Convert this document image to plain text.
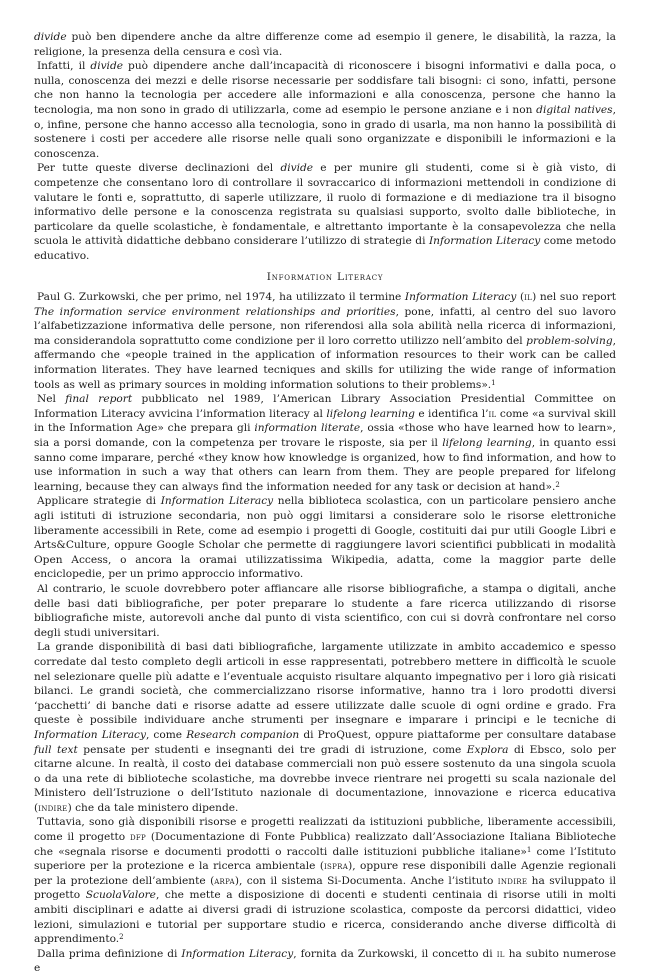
divide può ben dipendere anche da altre differenze come ad esempio il genere, le disabilità, la razza, la religione, la presenza della censura e così via.

Infatti, il divide può dipendere anche dall’incapacità di riconoscere i bisogni informativi e dalla poca, o nulla, conoscenza dei mezzi e delle risorse necessarie per soddisfare tali bisogni: ci sono, infatti, persone che non hanno la tecnologia per accedere alle informazioni e alla conoscenza, persone che hanno la tecnologia, ma non sono in grado di utilizzarla, come ad esempio le persone anziane e i non digital natives, o, infine, persone che hanno accesso alla tecnologia, sono in grado di usarla, ma non hanno la possibilità di sostenere i costi per accedere alle risorse nelle quali sono organizzate e disponibili le informazioni e la conoscenza.

Per tutte queste diverse declinazioni del divide e per munire gli studenti, come si è già visto, di competenze che consentano loro di controllare il sovraccarico di informazioni mettendoli in condizione di valutare le fonti e, soprattutto, di saperle utilizzare, il ruolo di formazione e di mediazione tra il bisogno informativo delle persone e la conoscenza registrata su qualsiasi supporto, svolto dalle biblioteche, in particolare da quelle scolastiche, è fondamentale, e altrettanto importante è la consapevolezza che nella scuola le attività didattiche debbano considerare l’utilizzo di strategie di Information Literacy come metodo educativo.

Information Literacy

Paul G. Zurkowski, che per primo, nel 1974, ha utilizzato il termine Information Literacy (il) nel suo report The information service environment relationships and priorities, pone, infatti, al centro del suo lavoro l’alfabetizzazione informativa delle persone, non riferendosi alla sola abilità nella ricerca di informazioni, ma considerandola soprattutto come condizione per il loro corretto utilizzo nell’ambito del problem-solving, affermando che «people trained in the application of information resources to their work can be called information literates. They have learned tecniques and skills for utilizing the wide range of information tools as well as primary sources in molding information solutions to their problems».$^1$

Nel final report pubblicato nel 1989, l’American Library Association Presidential Committee on Information Literacy avvicina l’information literacy al lifelong learning e identifica l’il come «a survival skill in the Information Age» che prepara gli information literate, ossia «those who have learned how to learn», sia a porsi domande, con la competenza per trovare le risposte, sia per il lifelong learning, in quanto essi sanno come imparare, perché «they know how knowledge is organized, how to find information, and how to use information in such a way that others can learn from them. They are people prepared for lifelong learning, because they can always find the information needed for any task or decision at hand».$^2$

Applicare strategie di Information Literacy nella biblioteca scolastica, con un particolare pensiero anche agli istituti di istruzione secondaria, non può oggi limitarsi a considerare solo le risorse elettroniche liberamente accessibili in Rete, come ad esempio i progetti di Google, costituiti dai pur utili Google Libri e Arts&Culture, oppure Google Scholar che permette di raggiungere lavori scientifici pubblicati in modalità Open Access, o ancora la oramai utilizzatissima Wikipedia, adatta, come la maggior parte delle enciclopedie, per un primo approccio informativo.

Al contrario, le scuole dovrebbero poter affiancare alle risorse bibliografiche, a stampa o digitali, anche delle basi dati bibliografiche, per poter preparare lo studente a fare ricerca utilizzando di risorse bibliografiche miste, autorevoli anche dal punto di vista scientifico, con cui si dovrà confrontare nel corso degli studi universitari.

La grande disponibilità di basi dati bibliografiche, largamente utilizzate in ambito accademico e spesso corredate dal testo completo degli articoli in esse rappresentati, potrebbero mettere in difficoltà le scuole nel selezionare quelle più adatte e l’eventuale acquisto risultare alquanto impegnativo per i loro già risicati bilanci. Le grandi società, che commercializzano risorse informative, hanno tra i loro prodotti diversi ‘pacchetti’ di banche dati e risorse adatte ad essere utilizzate dalle scuole di ogni ordine e grado. Fra queste è possibile individuare anche strumenti per insegnare e imparare i principi e le tecniche di Information Literacy, come Research companion di ProQuest, oppure piattaforme per consultare database full text pensate per studenti e insegnanti dei tre gradi di istruzione, come Explora di Ebsco, solo per citarne alcune. In realtà, il costo dei database commerciali non può essere sostenuto da una singola scuola o da una rete di biblioteche scolastiche, ma dovrebbe invece rientrare nei progetti su scala nazionale del Ministero dell’Istruzione o dell’Istituto nazionale di documentazione, innovazione e ricerca educativa (indire) che da tale ministero dipende.

Tuttavia, sono già disponibili risorse e progetti realizzati da istituzioni pubbliche, liberamente accessibili, come il progetto dfp (Documentazione di Fonte Pubblica) realizzato dall’Associazione Italiana Biblioteche che «segnala risorse e documenti prodotti o raccolti dalle istituzioni pubbliche italiane»$^1$ come l’Istituto superiore per la protezione e la ricerca ambientale (ispra), oppure rese disponibili dalle Agenzie regionali per la protezione dell’ambiente (arpa), con il sistema Si-Documenta. Anche l’istituto indire ha sviluppato il progetto ScuolaValore, che mette a disposizione di docenti e studenti centinaia di risorse utili in molti ambiti disciplinari e adatte ai diversi gradi di istruzione scolastica, composte da percorsi didattici, video lezioni, simulazioni e tutorial per supportare studio e ricerca, considerando anche diverse difficoltà di apprendimento.$^2$

Dalla prima definizione di Information Literacy, fornita da Zurkowski, il concetto di il ha subito numerose e
